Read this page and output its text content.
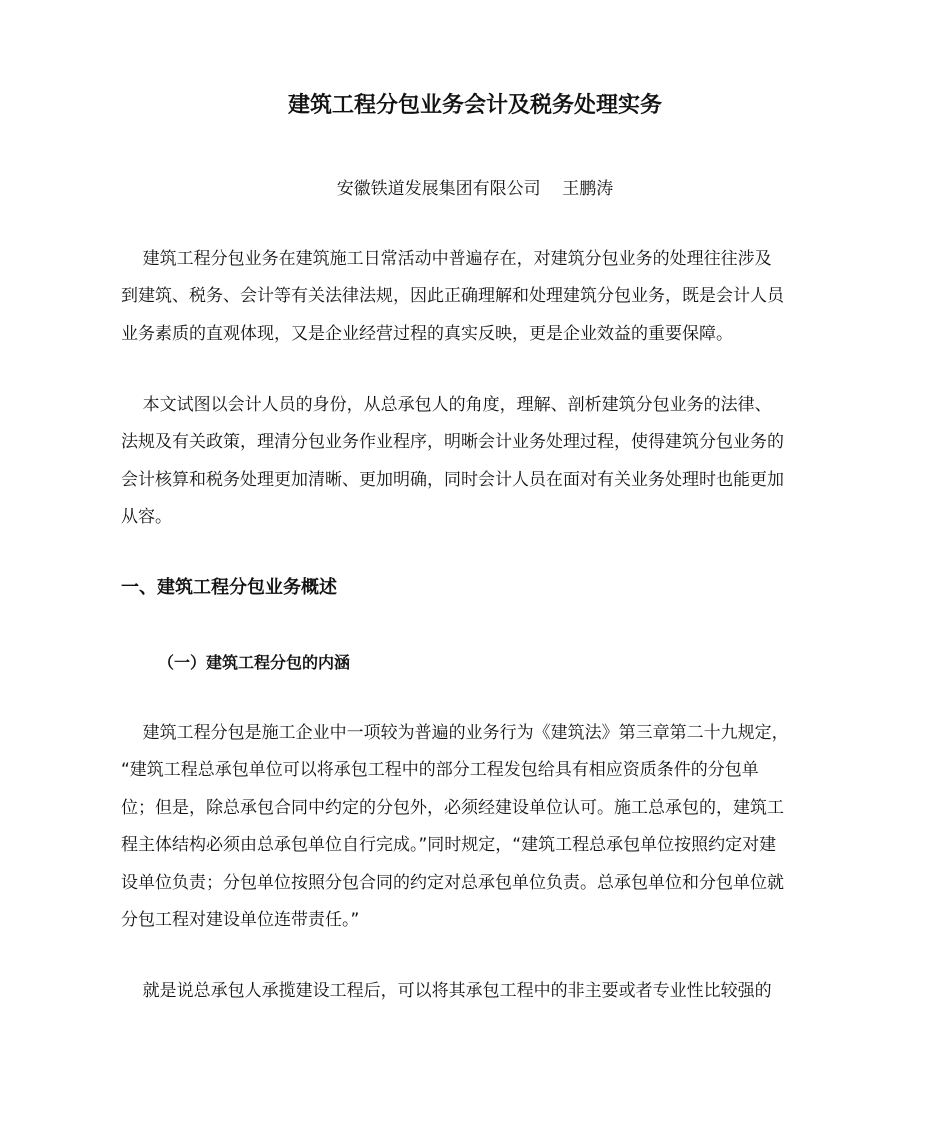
建筑工程分包业务会计及税务处理实务
安徽铁道发展集团有限公司    王鹏涛
建筑工程分包业务在建筑施工日常活动中普遍存在，对建筑分包业务的处理往往涉及
到建筑、税务、会计等有关法律法规，因此正确理解和处理建筑分包业务，既是会计人员
业务素质的直观体现，又是企业经营过程的真实反映，更是企业效益的重要保障。
本文试图以会计人员的身份，从总承包人的角度，理解、剖析建筑分包业务的法律、
法规及有关政策，理清分包业务作业程序，明晰会计业务处理过程，使得建筑分包业务的
会计核算和税务处理更加清晰、更加明确，同时会计人员在面对有关业务处理时也能更加
从容。
一、建筑工程分包业务概述
（一）建筑工程分包的内涵
建筑工程分包是施工企业中一项较为普遍的业务行为《建筑法》第三章第二十九规定，
“建筑工程总承包单位可以将承包工程中的部分工程发包给具有相应资质条件的分包单
位；但是，除总承包合同中约定的分包外，必须经建设单位认可。施工总承包的，建筑工
程主体结构必须由总承包单位自行完成。”同时规定，“建筑工程总承包单位按照约定对建
设单位负责；分包单位按照分包合同的约定对总承包单位负责。总承包单位和分包单位就
分包工程对建设单位连带责任。”
就是说总承包人承揽建设工程后，可以将其承包工程中的非主要或者专业性比较强的
